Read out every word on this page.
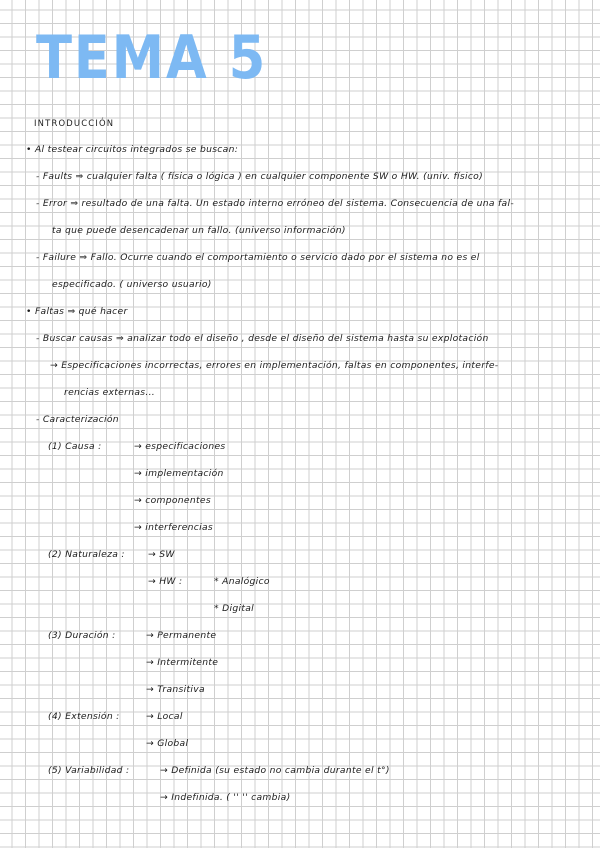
TEMA 5
INTRODUCCIÓN
• Al testear circuitos integrados se buscan:
- Faults ⇒ cualquier falta ( física o lógica ) en cualquier componente SW o HW. (univ. físico)
- Error ⇒ resultado de una falta. Un estado interno erróneo del sistema. Consecuencia de una fal-
ta que puede desencadenar un fallo. (universo información)
- Failure ⇒ Fallo. Ocurre cuando el comportamiento o servicio dado por el sistema no es el
especificado. ( universo usuario)
• Faltas ⇒ qué hacer
- Buscar causas ⇒ analizar todo el diseño , desde el diseño del sistema hasta su explotación
→ Especificaciones incorrectas, errores en implementación, faltas en componentes, interfe-
rencias externas...
- Caracterización
(1) Causa :	→ especificaciones
→ implementación
→ componentes
→ interferencias
(2) Naturaleza :	→ SW
→ HW :	* Analógico
* Digital
(3) Duración :	→ Permanente
→ Intermitente
→ Transitiva
(4) Extensión :	→ Local
→ Global
(5) Variabilidad :	→ Definida (su estado no cambia durante el t°)
→ Indefinida. ( '' '' cambia)
